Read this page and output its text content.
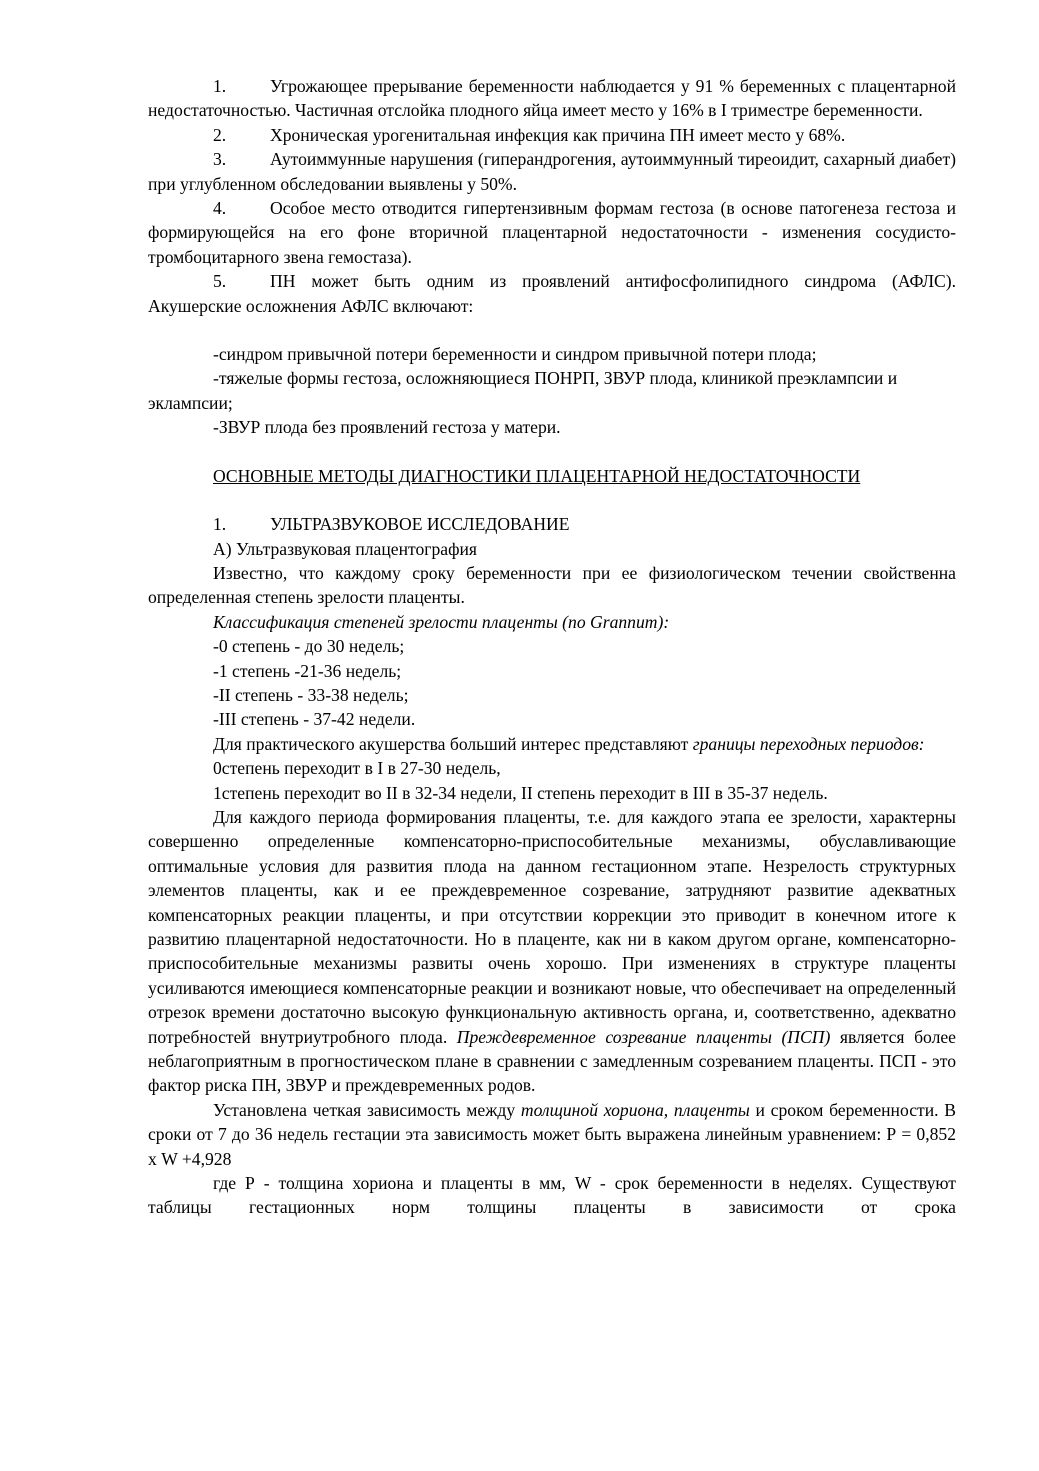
1. Угрожающее прерывание беременности наблюдается у 91 % беременных с плацентарной недостаточностью. Частичная отслойка плодного яйца имеет место у 16% в I триместре беременности.

2. Хроническая урогенитальная инфекция как причина ПН имеет место у 68%.

3. Аутоиммунные нарушения (гиперандрогения, аутоиммунный тиреоидит, сахарный диабет) при углубленном обследовании выявлены у 50%.

4. Особое место отводится гипертензивным формам гестоза (в основе патогенеза гестоза и формирующейся на его фоне вторичной плацентарной недостаточности - изменения сосудисто-тромбоцитарного звена гемостаза).

5. ПН может быть одним из проявлений антифосфолипидного синдрома (АФЛС). Акушерские осложнения АФЛС включают:

-синдром привычной потери беременности и синдром привычной потери плода;

-тяжелые формы гестоза, осложняющиеся ПОНРП, ЗВУР плода, клиникой преэклампсии и эклампсии;

-ЗВУР плода без проявлений гестоза у матери.

ОСНОВНЫЕ МЕТОДЫ ДИАГНОСТИКИ ПЛАЦЕНТАРНОЙ НЕДОСТАТОЧНОСТИ

1. УЛЬТРАЗВУКОВОЕ ИССЛЕДОВАНИЕ

А) Ультразвуковая плацентография

Известно, что каждому сроку беременности при ее физиологическом течении свойственна определенная степень зрелости плаценты.

Классификация степеней зрелости плаценты (по Grannum):

-0 степень - до 30 недель;

-1 степень -21-36 недель;

-II степень - 33-38 недель;

-III степень - 37-42 недели.

Для практического акушерства больший интерес представляют границы переходных периодов:

0степень переходит в I в 27-30 недель,

1степень переходит во II в 32-34 недели, II степень переходит в III в 35-37 недель.

Для каждого периода формирования плаценты, т.е. для каждого этапа ее зрелости, характерны совершенно определенные компенсаторно-приспособительные механизмы, обуславливающие оптимальные условия для развития плода на данном гестационном этапе. Незрелость структурных элементов плаценты, как и ее преждевременное созревание, затрудняют развитие адекватных компенсаторных реакции плаценты, и при отсутствии коррекции это приводит в конечном итоге к развитию плацентарной недостаточности. Но в плаценте, как ни в каком другом органе, компенсаторно-приспособительные механизмы развиты очень хорошо. При изменениях в структуре плаценты усиливаются имеющиеся компенсаторные реакции и возникают новые, что обеспечивает на определенный отрезок времени достаточно высокую функциональную активность органа, и, соответственно, адекватно потребностей внутриутробного плода. Преждевременное созревание плаценты (ПСП) является более неблагоприятным в прогностическом плане в сравнении с замедленным созреванием плаценты. ПСП - это фактор риска ПН, ЗВУР и преждевременных родов.

Установлена четкая зависимость между толщиной хориона, плаценты и сроком беременности. В сроки от 7 до 36 недель гестации эта зависимость может быть выражена линейным уравнением: Р = 0,852 х W +4,928

где Р - толщина хориона и плаценты в мм, W - срок беременности в неделях. Существуют таблицы гестационных норм толщины плаценты в зависимости от срока
